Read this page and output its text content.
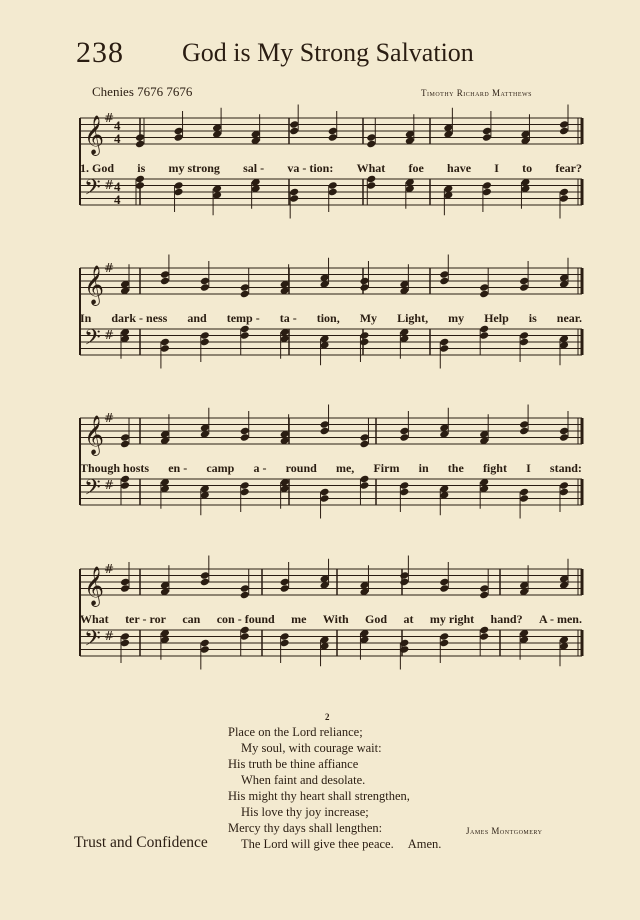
238 God is My Strong Salvation
Chenies 7676 7676	Timothy Richard Matthews
𝄞
𝄢
#
#
4
4
4
4
𝄞
𝄢
#
#
𝄞
𝄢
#
#
𝄞
𝄢
#
#
1. God is my strong sal - va - tion: What foe have I to fear?
In dark - ness and temp - ta - tion, My Light, my Help is near.
Though hosts en - camp a - round me, Firm in the fight I stand:
What ter - ror can con - found me With God at my right hand? A - men.
2
Place on the Lord reliance;
My soul, with courage wait:
His truth be thine affiance
When faint and desolate.
His might thy heart shall strengthen,
His love thy joy increase;
Mercy thy days shall lengthen:
The Lord will give thee peace. Amen.
James Montgomery
Trust and Confidence
